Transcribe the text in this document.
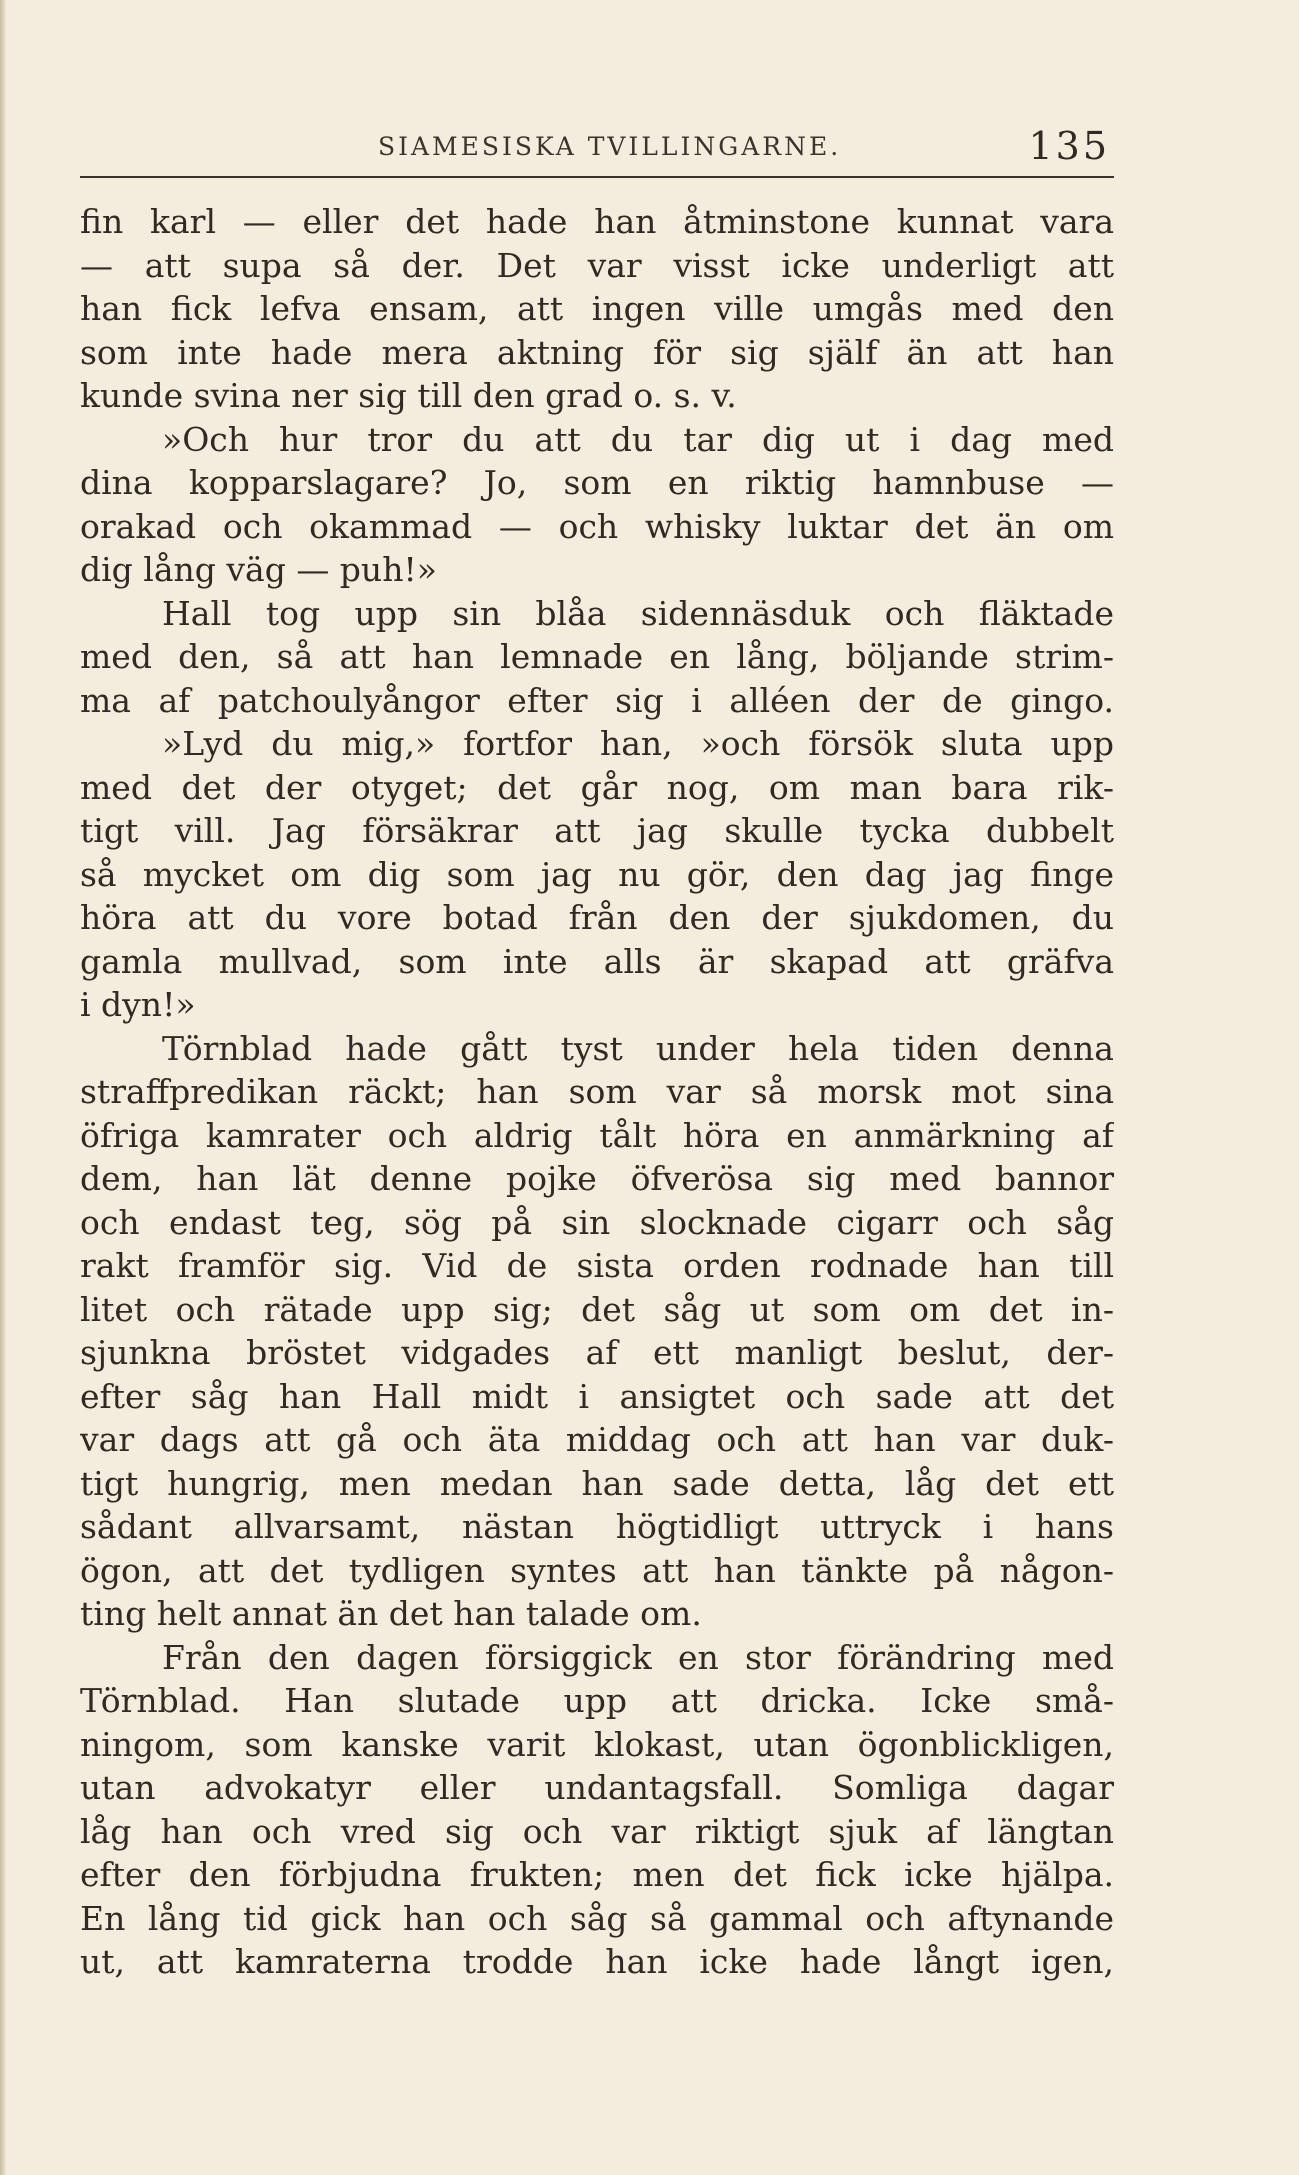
SIAMESISKA TVILLINGARNE.	135
fin karl — eller det hade han åtminstone kunnat vara
— att supa så der. Det var visst icke underligt att
han fick lefva ensam, att ingen ville umgås med den
som inte hade mera aktning för sig själf än att han
kunde svina ner sig till den grad o. s. v.
»Och hur tror du att du tar dig ut i dag med
dina kopparslagare? Jo, som en riktig hamnbuse —
orakad och okammad — och whisky luktar det än om
dig lång väg — puh!»
Hall tog upp sin blåa sidennäsduk och fläktade
med den, så att han lemnade en lång, böljande strim-
ma af patchoulyångor efter sig i alléen der de gingo.
»Lyd du mig,» fortfor han, »och försök sluta upp
med det der otyget; det går nog, om man bara rik-
tigt vill. Jag försäkrar att jag skulle tycka dubbelt
så mycket om dig som jag nu gör, den dag jag finge
höra att du vore botad från den der sjukdomen, du
gamla mullvad, som inte alls är skapad att gräfva
i dyn!»
Törnblad hade gått tyst under hela tiden denna
straffpredikan räckt; han som var så morsk mot sina
öfriga kamrater och aldrig tålt höra en anmärkning af
dem, han lät denne pojke öfverösa sig med bannor
och endast teg, sög på sin slocknade cigarr och såg
rakt framför sig. Vid de sista orden rodnade han till
litet och rätade upp sig; det såg ut som om det in-
sjunkna bröstet vidgades af ett manligt beslut, der-
efter såg han Hall midt i ansigtet och sade att det
var dags att gå och äta middag och att han var duk-
tigt hungrig, men medan han sade detta, låg det ett
sådant allvarsamt, nästan högtidligt uttryck i hans
ögon, att det tydligen syntes att han tänkte på någon-
ting helt annat än det han talade om.
Från den dagen försiggick en stor förändring med
Törnblad. Han slutade upp att dricka. Icke små-
ningom, som kanske varit klokast, utan ögonblickligen,
utan advokatyr eller undantagsfall. Somliga dagar
låg han och vred sig och var riktigt sjuk af längtan
efter den förbjudna frukten; men det fick icke hjälpa.
En lång tid gick han och såg så gammal och aftynande
ut, att kamraterna trodde han icke hade långt igen,
